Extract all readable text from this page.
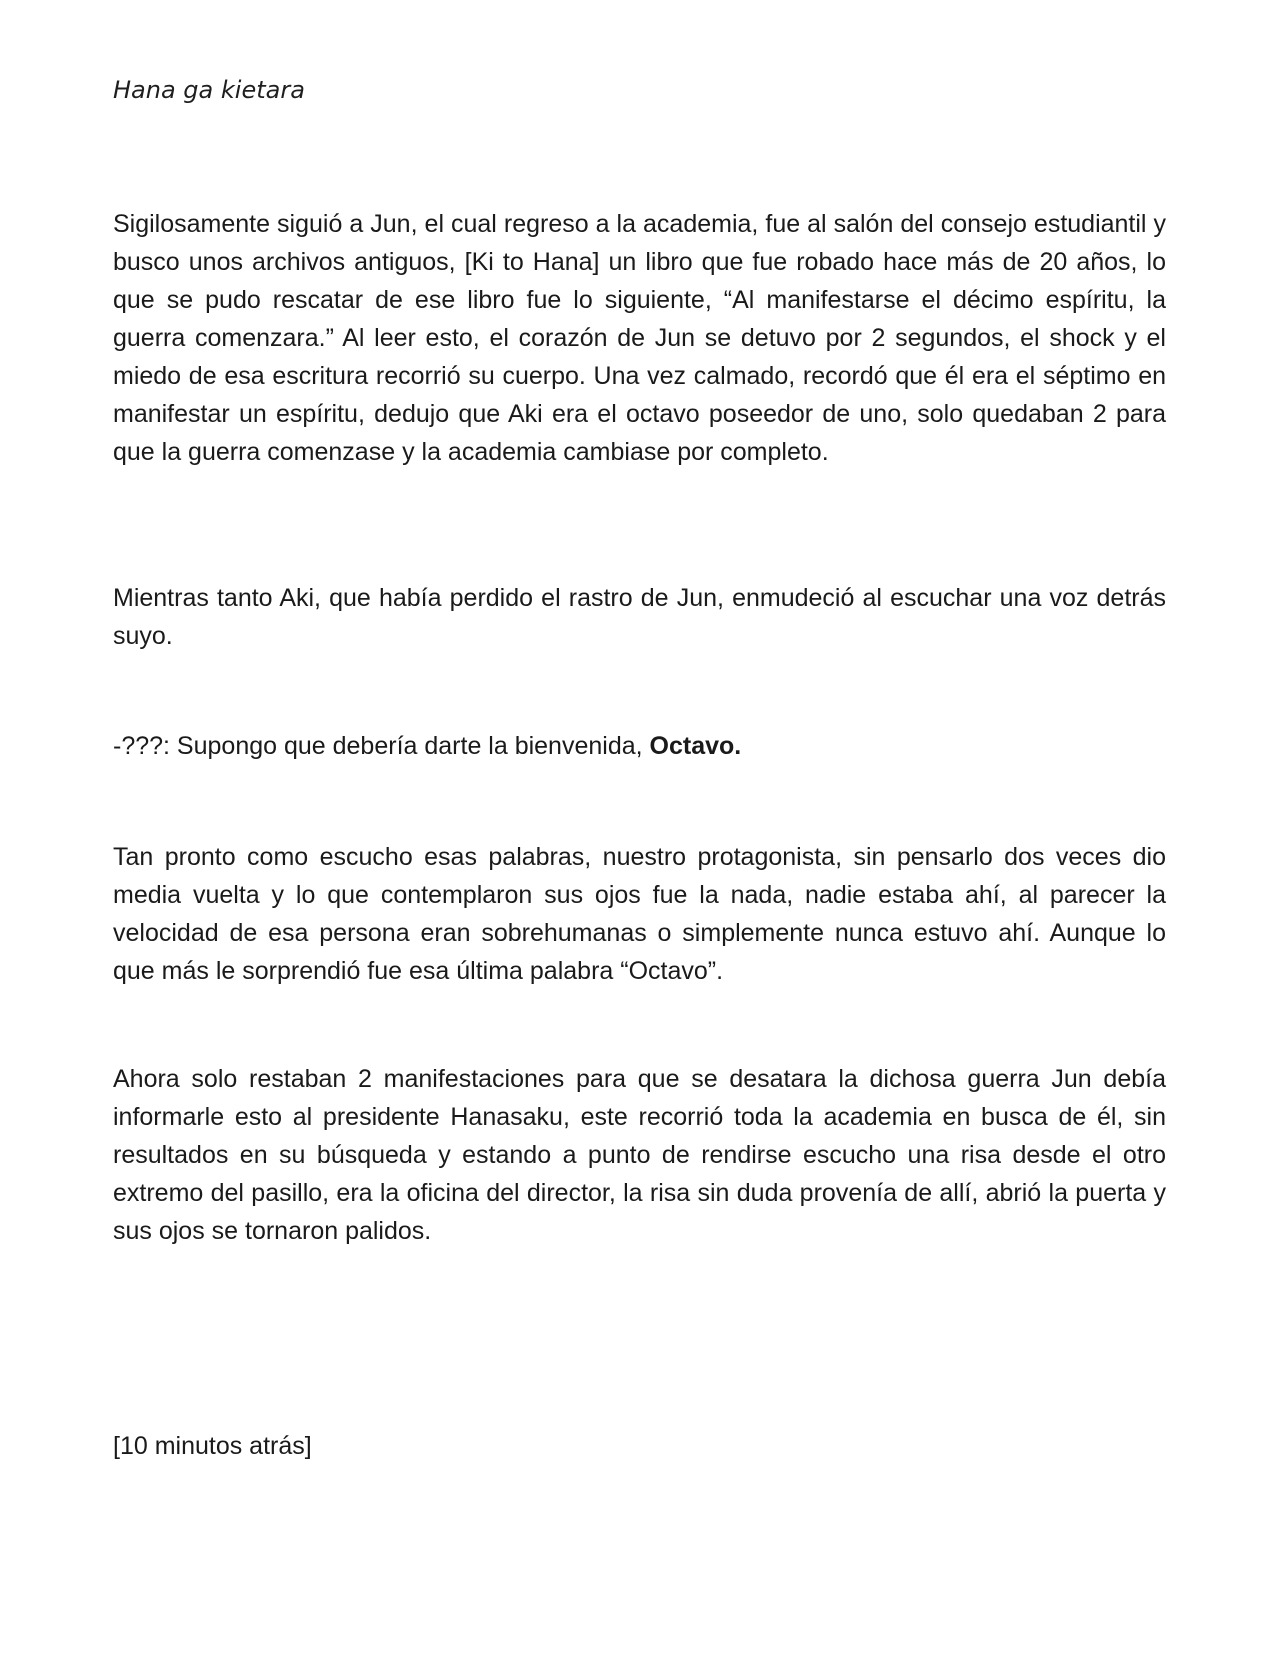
Hana ga kietara

Sigilosamente siguió a Jun, el cual regreso a la academia, fue al salón del consejo estudiantil y busco unos archivos antiguos, [Ki to Hana] un libro que fue robado hace más de 20 años, lo que se pudo rescatar de ese libro fue lo siguiente, “Al manifestarse el décimo espíritu, la guerra comenzara.” Al leer esto, el corazón de Jun se detuvo por 2 segundos, el shock y el miedo de esa escritura recorrió su cuerpo. Una vez calmado, recordó que él era el séptimo en manifestar un espíritu, dedujo que Aki era el octavo poseedor de uno, solo quedaban 2 para que la guerra comenzase y la academia cambiase por completo.

Mientras tanto Aki, que había perdido el rastro de Jun, enmudeció al escuchar una voz detrás suyo.

-???: Supongo que debería darte la bienvenida, Octavo.

Tan pronto como escucho esas palabras, nuestro protagonista, sin pensarlo dos veces dio media vuelta y lo que contemplaron sus ojos fue la nada, nadie estaba ahí, al parecer la velocidad de esa persona eran sobrehumanas o simplemente nunca estuvo ahí. Aunque lo que más le sorprendió fue esa última palabra “Octavo”.

Ahora solo restaban 2 manifestaciones para que se desatara la dichosa guerra Jun debía informarle esto al presidente Hanasaku, este recorrió toda la academia en busca de él, sin resultados en su búsqueda y estando a punto de rendirse escucho una risa desde el otro extremo del pasillo, era la oficina del director, la risa sin duda provenía de allí, abrió la puerta y sus ojos se tornaron palidos.

[10 minutos atrás]
